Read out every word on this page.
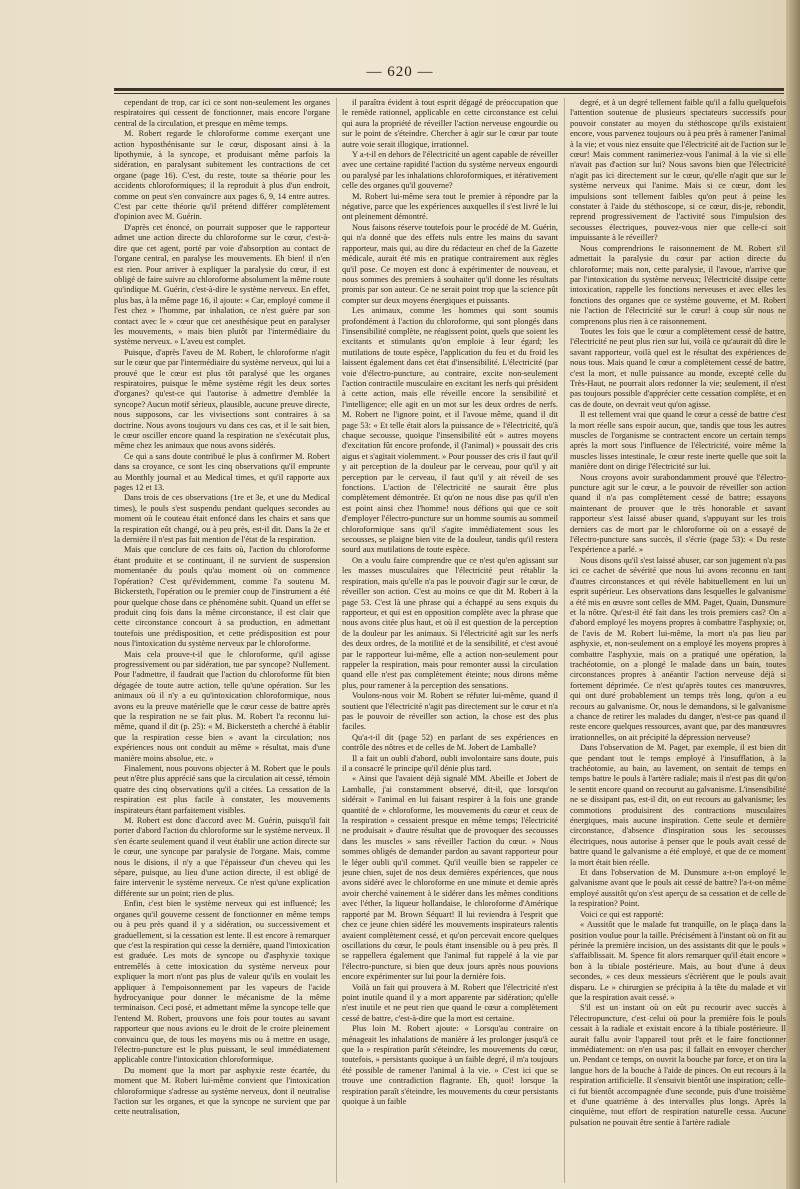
— 620 —

cependant de trop, car ici ce sont non-seulement les organes respiratoires qui cessent de fonctionner, mais encore l'organe central de la circulation, et presque en même temps.

M. Robert regarde le chloroforme comme exerçant une action hyposthénisante sur le cœur, disposant ainsi à la lipothymie, à la syncope, et produisant même parfois la sidération, en paralysant subitement les contractions de cet organe (page 16). C'est, du reste, toute sa théorie pour les accidents chloroformiques; il la reproduit à plus d'un endroit, comme on peut s'en convaincre aux pages 6, 9, 14 entre autres. C'est par cette théorie qu'il prétend différer complètement d'opinion avec M. Guérin.

D'après cet énoncé, on pourrait supposer que le rapporteur admet une action directe du chloroforme sur le cœur, c'est-à-dire que cet agent, porté par voie d'absorption au contact de l'organe central, en paralyse les mouvements. Eh bien! il n'en est rien. Pour arriver à expliquer la paralysie du cœur, il est obligé de faire suivre au chloroforme absolument la même route qu'indique M. Guérin, c'est-à-dire le système nerveux. En effet, plus bas, à la même page 16, il ajoute: « Car, employé comme il l'est chez » l'homme, par inhalation, ce n'est guère par son contact avec le » cœur que cet anesthésique peut en paralyser les mouvements, » mais bien plutôt par l'intermédiaire du système nerveux. » L'aveu est complet.

Puisque, d'après l'aveu de M. Robert, le chloroforme n'agit sur le cœur que par l'intermédiaire du système nerveux, qui lui a prouvé que le cœur est plus tôt paralysé que les organes respiratoires, puisque le même système régit les deux sortes d'organes? qu'est-ce qui l'autorise à admettre d'emblée la syncope? Aucun motif sérieux, plausible, aucune preuve directe, nous supposons, car les vivisections sont contraires à sa doctrine. Nous avons toujours vu dans ces cas, et il le sait bien, le cœur osciller encore quand la respiration ne s'exécutait plus, même chez les animaux que nous avons sidérés.

Ce qui a sans doute contribué le plus à confirmer M. Robert dans sa croyance, ce sont les cinq observations qu'il emprunte au Monthly journal et au Medical times, et qu'il rapporte aux pages 12 et 13.

Dans trois de ces observations (1re et 3e, et une du Medical times), le pouls s'est suspendu pendant quelques secondes au moment où le couteau était enfoncé dans les chairs et sans que la respiration eût changé, ou à peu près, est-il dit. Dans la 2e et la dernière il n'est pas fait mention de l'état de la respiration.

Mais que conclure de ces faits où, l'action du chloroforme étant produite et se continuant, il ne survient de suspension momentanée du pouls qu'au moment où on commence l'opération? C'est qu'évidemment, comme l'a soutenu M. Bickersteth, l'opération ou le premier coup de l'instrument a été pour quelque chose dans ce phénomène subit. Quand un effet se produit cinq fois dans la même circonstance, il est clair que cette circonstance concourt à sa production, en admettant toutefois une prédisposition, et cette prédisposition est pour nous l'intoxication du système nerveux par le chloroforme.

Mais cela prouve-t-il que le chloroforme, qu'il agisse progressivement ou par sidération, tue par syncope? Nullement. Pour l'admettre, il faudrait que l'action du chloroforme fût bien dégagée de toute autre action, telle qu'une opération. Sur les animaux où il n'y a eu qu'intoxication chloroformique, nous avons eu la preuve matérielle que le cœur cesse de battre après que la respiration ne se fait plus. M. Robert l'a reconnu lui-même, quand il dit (p. 25): « M. Bickersteth a cherché à établir que la respiration cesse bien » avant la circulation; nos expériences nous ont conduit au même » résultat, mais d'une manière moins absolue, etc. »

Finalement, nous pouvons objecter à M. Robert que le pouls peut n'être plus apprécié sans que la circulation ait cessé, témoin quatre des cinq observations qu'il a citées. La cessation de la respiration est plus facile à constater, les mouvements inspirateurs étant parfaitement visibles.

M. Robert est donc d'accord avec M. Guérin, puisqu'il fait porter d'abord l'action du chloroforme sur le système nerveux. Il s'en écarte seulement quand il veut établir une action directe sur le cœur, une syncope par paralysie de l'organe. Mais, comme nous le disions, il n'y a que l'épaisseur d'un cheveu qui les sépare, puisque, au lieu d'une action directe, il est obligé de faire intervenir le système nerveux. Ce n'est qu'une explication différente sur un point; rien de plus.

Enfin, c'est bien le système nerveux qui est influencé; les organes qu'il gouverne cessent de fonctionner en même temps ou à peu près quand il y a sidération, ou successivement et graduellement, si la cessation est lente. Il est encore à remarquer que c'est la respiration qui cesse la dernière, quand l'intoxication est graduée. Les mots de syncope ou d'asphyxie toxique entremêlés à cette intoxication du système nerveux pour expliquer la mort n'ont pas plus de valeur qu'ils en voulait les appliquer à l'empoisonnement par les vapeurs de l'acide hydrocyanique pour donner le mécanisme de la même terminaison. Ceci posé, et admettant même la syncope telle que l'entend M. Robert, prouvons une fois pour toutes au savant rapporteur que nous avions eu le droit de le croire pleinement convaincu que, de tous les moyens mis ou à mettre en usage, l'électro-puncture est le plus puissant, le seul immédiatement applicable contre l'intoxication chloroformique.

Du moment que la mort par asphyxie reste écartée, du moment que M. Robert lui-même convient que l'intoxication chloroformique s'adresse au système nerveux, dont il neutralise l'action sur les organes, et que la syncope ne survient que par cette neutralisation,

il paraîtra évident à tout esprit dégagé de préoccupation que le remède rationnel, applicable en cette circonstance est celui qui aura la propriété de réveiller l'action nerveuse engourdie ou sur le point de s'éteindre. Chercher à agir sur le cœur par toute autre voie serait illogique, irrationnel.

Y a-t-il en dehors de l'électricité un agent capable de réveiller avec une certaine rapidité l'action du système nerveux engourdi ou paralysé par les inhalations chloroformiques, et itérativement celle des organes qu'il gouverne?

M. Robert lui-même sera tout le premier à répondre par la négative, parce que les expériences auxquelles il s'est livré le lui ont pleinement démontré.

Nous faisons réserve toutefois pour le procédé de M. Guérin, qui n'a donné que des effets nuls entre les mains du savant rapporteur, mais qui, au dire du rédacteur en chef de la Gazette médicale, aurait été mis en pratique contrairement aux règles qu'il pose. Ce moyen est donc à expérimenter de nouveau, et nous sommes des premiers à souhaiter qu'il donne les résultats promis par son auteur. Ce ne serait point trop que la science pût compter sur deux moyens énergiques et puissants.

Les animaux, comme les hommes qui sont soumis profondément à l'action du chloroforme, qui sont plongés dans l'insensibilité complète, ne réagissent point, quels que soient les excitants et stimulants qu'on emploie à leur égard; les mutilations de toute espèce, l'application du feu et du froid les laissent également dans cet état d'insensibilité. L'électricité (par voie d'électro-puncture, au contraire, excite non-seulement l'action contractile musculaire en excitant les nerfs qui président à cette action, mais elle réveille encore la sensibilité et l'intelligence; elle agit en un mot sur les deux ordres de nerfs. M. Robert ne l'ignore point, et il l'avoue même, quand il dit page 53: « Et telle était alors la puissance de » l'électricité, qu'à chaque secousse, quoique l'insensibilité eût » autres moyens d'excitation fût encore profonde, il (l'animal) » poussait des cris aigus et s'agitait violemment. » Pour pousser des cris il faut qu'il y ait perception de la douleur par le cerveau, pour qu'il y ait perception par le cerveau, il faut qu'il y ait réveil de ses fonctions. L'action de l'électricité ne saurait être plus complètement démontrée. Et qu'on ne nous dise pas qu'il n'en est point ainsi chez l'homme! nous défions qui que ce soit d'employer l'électro-puncture sur un homme soumis au sommeil chloroformique sans qu'il s'agite immédiatement sous les secousses, se plaigne bien vite de la douleur, tandis qu'il restera sourd aux mutilations de toute espèce.

On a voulu faire comprendre que ce n'est qu'en agissant sur les masses musculaires que l'électricité peut rétablir la respiration, mais qu'elle n'a pas le pouvoir d'agir sur le cœur, de réveiller son action. C'est au moins ce que dit M. Robert à la page 53. C'est là une phrase qui a échappé au sens exquis du rapporteur, et qui est en opposition complète avec la phrase que nous avons citée plus haut, et où il est question de la perception de la douleur par les animaux. Si l'électricité agit sur les nerfs des deux ordres, de la motilité et de la sensibilité, et c'est avoué par le rapporteur lui-même, elle a action non-seulement pour rappeler la respiration, mais pour remonter aussi la circulation quand elle n'est pas complètement éteinte; nous dirons même plus, pour ramener à la perception des sensations.

Voulons-nous voir M. Robert se réfuter lui-même, quand il soutient que l'électricité n'agit pas directement sur le cœur et n'a pas le pouvoir de réveiller son action, la chose est des plus faciles.

Qu'a-t-il dit (page 52) en parlant de ses expériences en contrôle des nôtres et de celles de M. Jobert de Lamballe?

Il a fait un oubli d'abord, oubli involontaire sans doute, puis il a consacré le principe qu'il dénie plus tard.

« Ainsi que l'avaient déjà signalé MM. Abeille et Jobert de Lamballe, j'ai constamment observé, dit-il, que lorsqu'on sidérait » l'animal en lui faisant respirer à la fois une grande quantité de » chloroforme, les mouvements du cœur et ceux de la respiration » cessaient presque en même temps; l'électricité ne produisait » d'autre résultat que de provoquer des secousses dans les muscles » sans réveiller l'action du cœur. » Nous sommes obligés de demander pardon au savant rapporteur pour le léger oubli qu'il commet. Qu'il veuille bien se rappeler ce jeune chien, sujet de nos deux dernières expériences, que nous avons sidéré avec le chloroforme en une minute et demie après avoir cherché vainement à le sidérer dans les mêmes conditions avec l'éther, la liqueur hollandaise, le chloroforme d'Amérique rapporté par M. Brown Séquart! Il lui reviendra à l'esprit que chez ce jeune chien sidéré les mouvements inspirateurs ralentis avaient complètement cessé, et qu'on percevait encore quelques oscillations du cœur, le pouls étant insensible ou à peu près. Il se rappellera également que l'animal fut rappelé à la vie par l'électro-puncture, si bien que deux jours après nous pouvions encore expérimenter sur lui pour la dernière fois.

Voilà un fait qui prouvera à M. Robert que l'électricité n'est point inutile quand il y a mort apparente par sidération; qu'elle n'est inutile et ne peut rien que quand le cœur a complètement cessé de battre, c'est-à-dire que la mort est certaine.

Plus loin M. Robert ajoute: « Lorsqu'au contraire on ménageait les inhalations de manière à les prolonger jusqu'à ce que la » respiration parût s'éteindre, les mouvements du cœur, toutefois, » persistants quoique à un faible degré, il m'a toujours été possible de ramener l'animal à la vie. » C'est ici que se trouve une contradiction flagrante. Eh, quoi! lorsque la respiration paraît s'éteindre, les mouvements du cœur persistants quoique à un faible

degré, et à un degré tellement faible qu'il a fallu quelquefois l'attention soutenue de plusieurs spectateurs successifs pour pouvoir constater au moyen du stéthoscope qu'ils existaient encore, vous parvenez toujours ou à peu près à ramener l'animal à la vie; et vous niez ensuite que l'électricité ait de l'action sur le cœur! Mais comment ranimeriez-vous l'animal à la vie si elle n'avait pas d'action sur lui? Nous savons bien que l'électricité n'agit pas ici directement sur le cœur, qu'elle n'agit que sur le système nerveux qui l'anime. Mais si ce cœur, dont les impulsions sont tellement faibles qu'on peut à peine les constater à l'aide du stéthoscope, si ce cœur, dis-je, rebondit, reprend progressivement de l'activité sous l'impulsion des secousses électriques, pouvez-vous nier que celle-ci soit impuissante à le réveiller?

Nous comprendrions le raisonnement de M. Robert s'il admettait la paralysie du cœur par action directe du chloroforme; mais non, cette paralysie, il l'avoue, n'arrive que par l'intoxication du système nerveux; l'électricité dissipe cette intoxication, rappelle les fonctions nerveuses et avec elles les fonctions des organes que ce système gouverne, et M. Robert nie l'action de l'électricité sur le cœur! à coup sûr nous ne comprenons plus rien à ce raisonnement.

Toutes les fois que le cœur a complètement cessé de battre, l'électricité ne peut plus rien sur lui, voilà ce qu'aurait dû dire le savant rapporteur, voilà quel est le résultat des expériences de nous tous. Mais quand le cœur a complètement cessé de battre, c'est la mort, et nulle puissance au monde, excepté celle du Très-Haut, ne pourrait alors redonner la vie; seulement, il n'est pas toujours possible d'apprécier cette cessation complète, et en cas de doute, on devrait veut qu'on agisse.

Il est tellement vrai que quand le cœur a cessé de battre c'est la mort réelle sans espoir aucun, que, tandis que tous les autres muscles de l'organisme se contractent encore un certain temps après la mort sous l'influence de l'électricité, voire même la muscles lisses intestinale, le cœur reste inerte quelle que soit la manière dont on dirige l'électricité sur lui.

Nous croyons avoir surabondamment prouvé que l'électro-puncture agit sur le cœur, a le pouvoir de réveiller son action quand il n'a pas complètement cessé de battre; essayons maintenant de prouver que le très honorable et savant rapporteur s'est laissé abuser quand, s'appuyant sur les trois derniers cas de mort par le chloroforme où on a essayé de l'électro-puncture sans succès, il s'écrie (page 53): « Du reste l'expérience a parlé. »

Nous disons qu'il s'est laissé abuser, car son jugement n'a pas ici ce cachet de sévérité que nous lui avons reconnu en tant d'autres circonstances et qui révèle habituellement en lui un esprit supérieur. Les observations dans lesquelles le galvanisme a été mis en œuvre sont celles de MM. Paget, Quain, Dunsmure et la nôtre. Qu'est-il été fait dans les trois premiers cas? On a d'abord employé les moyens propres à combattre l'asphyxie; or, de l'avis de M. Robert lui-même, la mort n'a pas lieu par asphyxie, et, non-seulement on a employé les moyens propres à combattre l'asphyxie, mais on a pratiqué une opération, la trachéotomie, on a plongé le malade dans un bain, toutes circonstances propres à anéantir l'action nerveuse déjà si fortement déprimée. Ce n'est qu'après toutes ces manœuvres, qui ont duré probablement un temps très long, qu'on a eu recours au galvanisme. Or, nous le demandons, si le galvanisme a chance de retirer les malades du danger, n'est-ce pas quand il reste encore quelques ressources, avant que, par des manœuvres irrationnelles, on ait précipité la dépression nerveuse?

Dans l'observation de M. Paget, par exemple, il est bien dit que pendant tout le temps employé à l'insufflation, à la trachéotomie, au bain, au lavement, on sentait de temps en temps battre le pouls à l'artère radiale; mais il n'est pas dit qu'on le sentit encore quand on recourut au galvanisme. L'insensibilité ne se dissipant pas, est-il dit, on eut recours au galvanisme; les commotions produisirent des contractions musculaires énergiques, mais aucune inspiration. Cette seule et dernière circonstance, d'absence d'inspiration sous les secousses électriques, nous autorise à penser que le pouls avait cessé de battre quand le galvanisme a été employé, et que de ce moment la mort était bien réelle.

Et dans l'observation de M. Dunsmure a-t-on employé le galvanisme avant que le pouls ait cessé de battre? l'a-t-on même employé aussitôt qu'on s'est aperçu de sa cessation et de celle de la respiration? Point.

Voici ce qui est rapporté:

« Aussitôt que le malade fut tranquille, on le plaça dans la position voulue pour la taille. Précisément à l'instant où on fit au périnée la première incision, un des assistants dit que le pouls » s'affaiblissait. M. Spence fit alors remarquer qu'il était encore » bon à la tibiale postérieure. Mais, au bout d'une à deux secondes, » ces deux messieurs s'écrièrent que le pouls avait disparu. Le » chirurgien se précipita à la tête du malade et vit que la respiration avait cessé. »

S'il est un instant où on eût pu recourir avec succès à l'électropuncture, c'est celui où pour la première fois le pouls cessait à la radiale et existait encore à la tibiale postérieure. Il aurait fallu avoir l'appareil tout prêt et le faire fonctionner immédiatement: on n'en usa pas; il fallait en envoyer chercher un. Pendant ce temps, on ouvrit la bouche par force, et on tira la langue hors de la bouche à l'aide de pinces. On eut recours à la respiration artificielle. Il s'ensuivit bientôt une inspiration; celle-ci fut bientôt accompagnée d'une seconde, puis d'une troisième et d'une quatrième à des intervalles plus longs. Après la cinquième, tout effort de respiration naturelle cessa. Aucune pulsation ne pouvait être sentie à l'artère radiale
